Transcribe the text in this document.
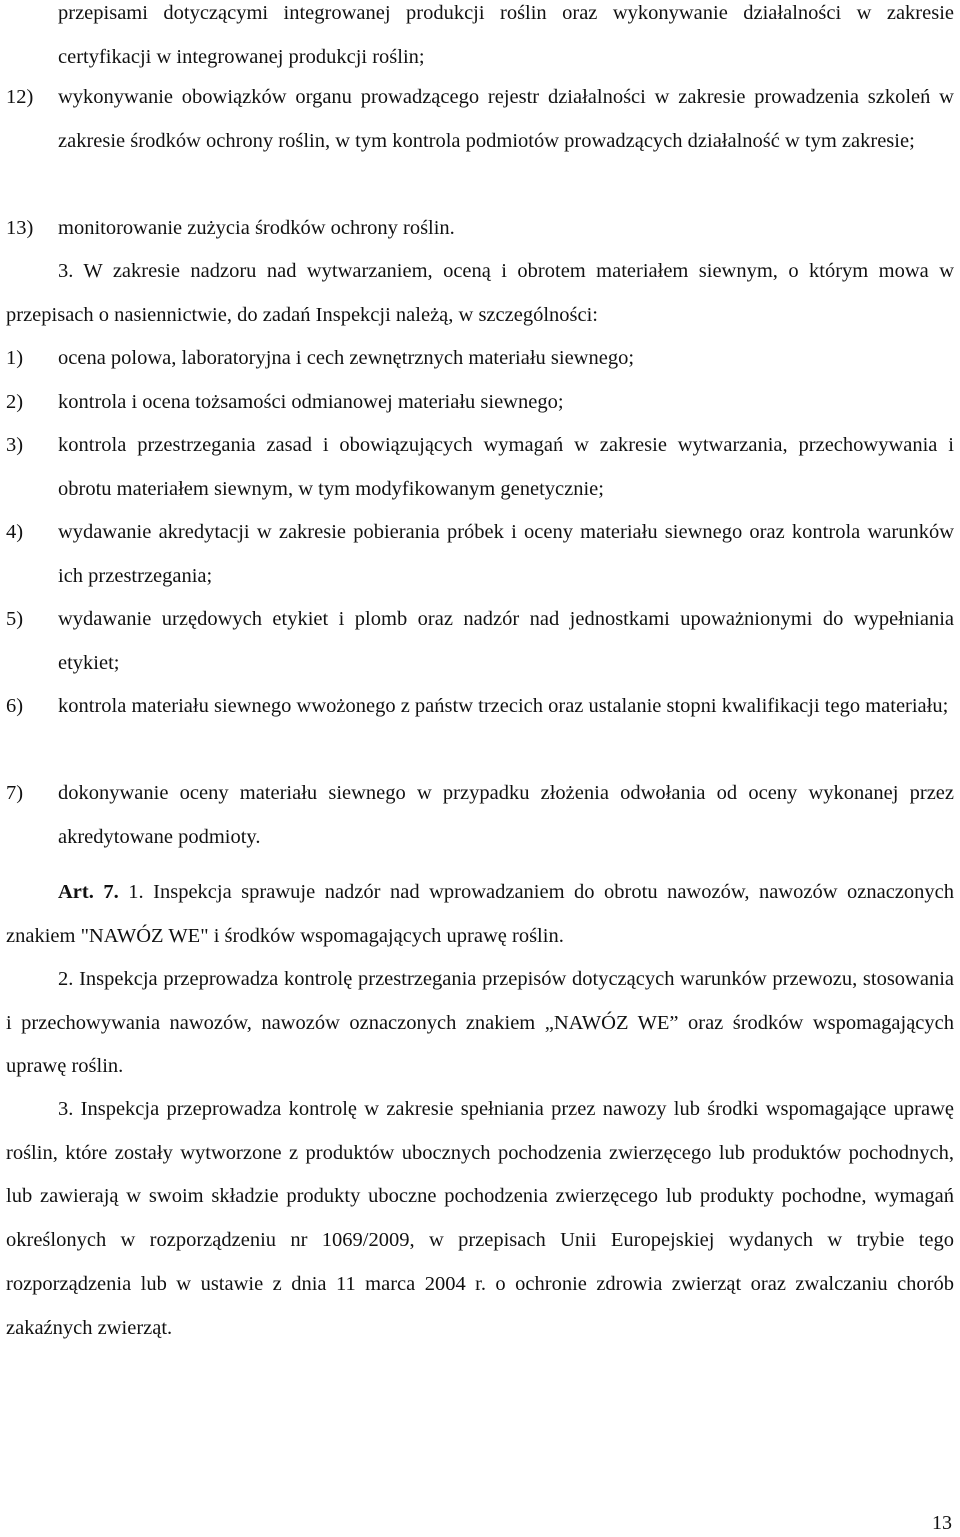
przepisami dotyczącymi integrowanej produkcji roślin oraz wykonywanie działalności w zakresie certyfikacji w integrowanej produkcji roślin;
12) wykonywanie obowiązków organu prowadzącego rejestr działalności w zakresie prowadzenia szkoleń w zakresie środków ochrony roślin, w tym kontrola podmiotów prowadzących działalność w tym zakresie;
13) monitorowanie zużycia środków ochrony roślin.
3. W zakresie nadzoru nad wytwarzaniem, oceną i obrotem materiałem siewnym, o którym mowa w przepisach o nasiennictwie, do zadań Inspekcji należą, w szczególności:
1) ocena polowa, laboratoryjna i cech zewnętrznych materiału siewnego;
2) kontrola i ocena tożsamości odmianowej materiału siewnego;
3) kontrola przestrzegania zasad i obowiązujących wymagań w zakresie wytwarzania, przechowywania i obrotu materiałem siewnym, w tym modyfikowanym genetycznie;
4) wydawanie akredytacji w zakresie pobierania próbek i oceny materiału siewnego oraz kontrola warunków ich przestrzegania;
5) wydawanie urzędowych etykiet i plomb oraz nadzór nad jednostkami upoważnionymi do wypełniania etykiet;
6) kontrola materiału siewnego wwożonego z państw trzecich oraz ustalanie stopni kwalifikacji tego materiału;
7) dokonywanie oceny materiału siewnego w przypadku złożenia odwołania od oceny wykonanej przez akredytowane podmioty.
Art. 7. 1. Inspekcja sprawuje nadzór nad wprowadzaniem do obrotu nawozów, nawozów oznaczonych znakiem "NAWÓZ WE" i środków wspomagających uprawę roślin.
2. Inspekcja przeprowadza kontrolę przestrzegania przepisów dotyczących warunków przewozu, stosowania i przechowywania nawozów, nawozów oznaczonych znakiem „NAWÓZ WE” oraz środków wspomagających uprawę roślin.
3. Inspekcja przeprowadza kontrolę w zakresie spełniania przez nawozy lub środki wspomagające uprawę roślin, które zostały wytworzone z produktów ubocznych pochodzenia zwierzęcego lub produktów pochodnych, lub zawierają w swoim składzie produkty uboczne pochodzenia zwierzęcego lub produkty pochodne, wymagań określonych w rozporządzeniu nr 1069/2009, w przepisach Unii Europejskiej wydanych w trybie tego rozporządzenia lub w ustawie z dnia 11 marca 2004 r. o ochronie zdrowia zwierząt oraz zwalczaniu chorób zakaźnych zwierząt.
13
